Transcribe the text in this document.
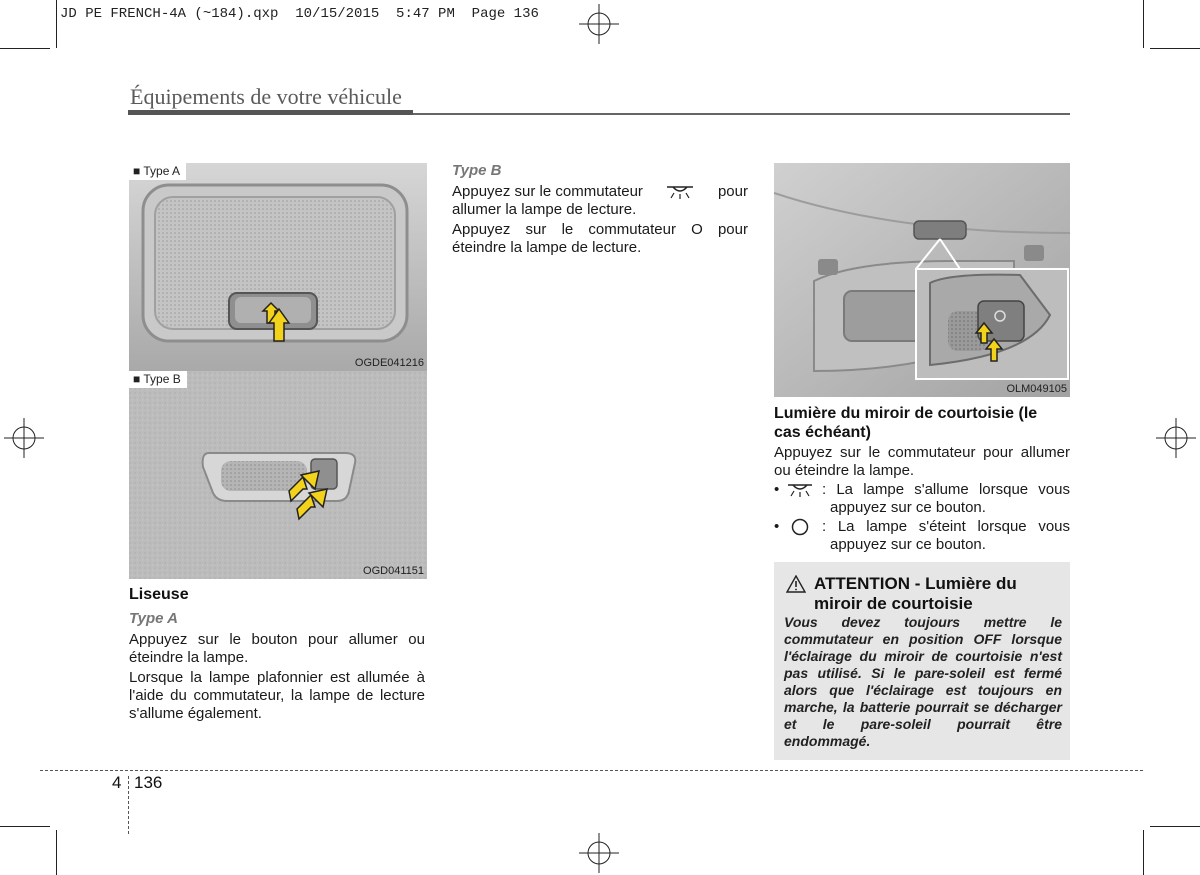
JD PE FRENCH-4A (~184).qxp  10/15/2015  5:47 PM  Page 136
Équipements de votre véhicule
■ Type A
OGDE041216
■ Type B
OGD041151
OLM049105
Liseuse
Type A
Appuyez sur le bouton pour allumer ou éteindre la lampe.
Lorsque la lampe plafonnier est allumée à l'aide du commutateur, la lampe de lecture s'allume également.
Type B
Appuyez sur le commutateur	pour
allumer la lampe de lecture.
Appuyez sur le commutateur O pour éteindre la lampe de lecture.
Lumière du miroir de courtoisie (le cas échéant)
Appuyez sur le commutateur pour allumer ou éteindre la lampe.
•	: La lampe s'allume lorsque vous
appuyez sur ce bouton.
•	: La lampe s'éteint lorsque vous
appuyez sur ce bouton.
ATTENTION - Lumière du
miroir de courtoisie
Vous devez toujours mettre le commutateur en position OFF lorsque l'éclairage du miroir de courtoisie n'est pas utilisé. Si le pare-soleil est fermé alors que l'éclairage est toujours en marche, la batterie pourrait se décharger et le pare-soleil pourrait être endommagé.
4 136
